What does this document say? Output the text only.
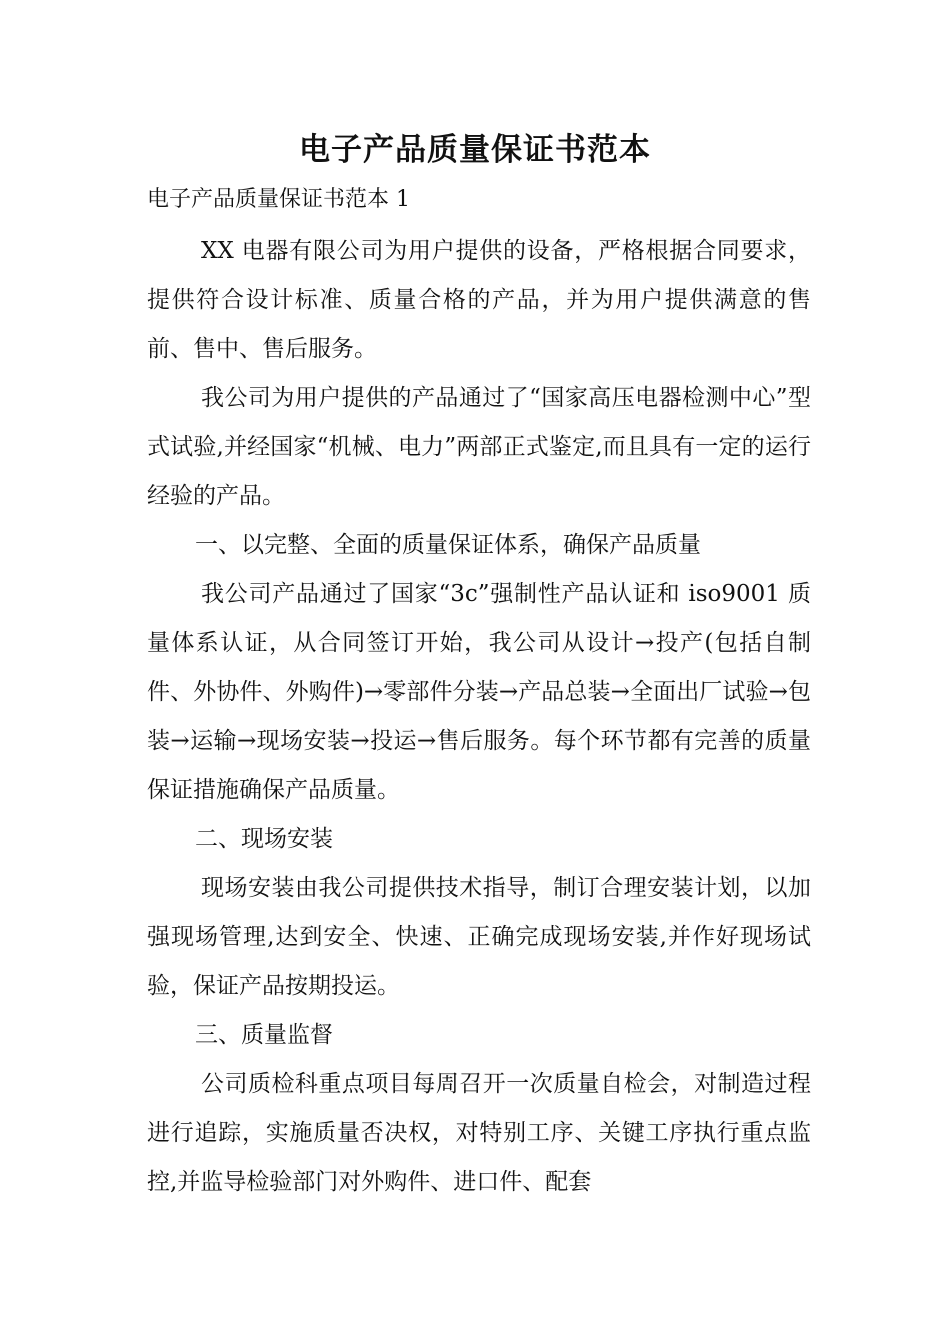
电子产品质量保证书范本
电子产品质量保证书范本 1

XX 电器有限公司为用户提供的设备，严格根据合同要求，提供符合设计标准、质量合格的产品，并为用户提供满意的售前、售中、售后服务。

我公司为用户提供的产品通过了“国家高压电器检测中心”型式试验,并经国家“机械、电力”两部正式鉴定,而且具有一定的运行经验的产品。

一、以完整、全面的质量保证体系，确保产品质量

我公司产品通过了国家“3c”强制性产品认证和 iso9001 质量体系认证，从合同签订开始，我公司从设计→投产(包括自制件、外协件、外购件)→零部件分装→产品总装→全面出厂试验→包装→运输→现场安装→投运→售后服务。每个环节都有完善的质量保证措施确保产品质量。

二、现场安装

现场安装由我公司提供技术指导，制订合理安装计划，以加强现场管理,达到安全、快速、正确完成现场安装,并作好现场试验，保证产品按期投运。

三、质量监督

公司质检科重点项目每周召开一次质量自检会，对制造过程进行追踪，实施质量否决权，对特别工序、关键工序执行重点监控,并监导检验部门对外购件、进口件、配套
